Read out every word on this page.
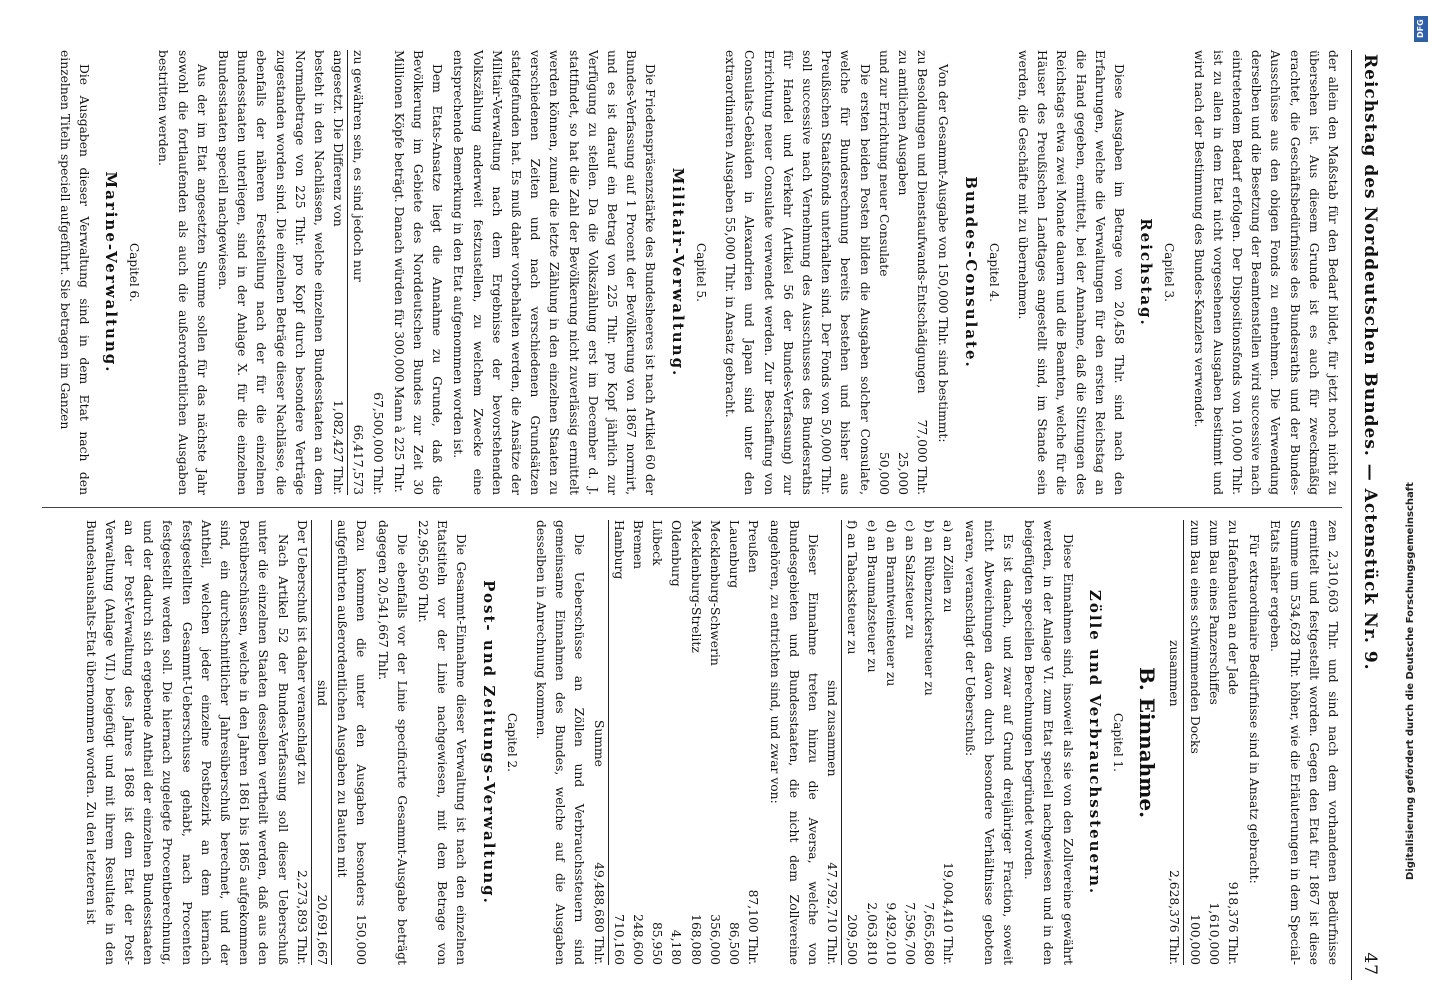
Reichstag des Norddeutschen Bundes. — Actenstück Nr. 9.
47

der allein den Maßstab für den Bedarf bildet, für jetzt noch nicht zu übersehen ist. Aus diesem Grunde ist es auch für zweckmäßig erachtet, die Geschäftsbedürfnisse des Bundesraths und der Bundes-Ausschüsse aus den obigen Fonds zu entnehmen. Die Verwendung derselben und die Besetzung der Beamtenstellen wird successive nach eintretendem Bedarf erfolgen. Der Dispositionsfonds von 10,000 Thlr. ist zu allen in dem Etat nicht vorgesehenen Ausgaben bestimmt und wird nach der Bestimmung des Bundes-Kanzlers verwendet.

Capitel 3.
Reichstag.

Diese Ausgaben im Betrage von 20,458 Thlr. sind nach den Erfahrungen, welche die Verwaltungen für den ersten Reichstag an die Hand gegeben, ermittelt, bei der Annahme, daß die Sitzungen des Reichstags etwa zwei Monate dauern und die Beamten, welche für die Häuser des Preußischen Landtages angestellt sind, im Stande sein werden, die Geschäfte mit zu übernehmen.

Capitel 4.
Bundes-Consulate.

Von der Gesammt-Ausgabe von 150,000 Thlr. sind bestimmt:

zu Besoldungen und Dienstaufwands-Entschädigungen
77,000 Thlr.
zu amtlichen Ausgaben
25,000
und zur Errichtung neuer Consulate
50,000

Die ersten beiden Posten bilden die Ausgaben solcher Consulate, welche für Bundesrechnung bereits bestehen und bisher aus Preußischen Staatsfonds unterhalten sind. Der Fonds von 50,000 Thlr. soll successive nach Vernehmung des Ausschusses des Bundesraths für Handel und Verkehr (Artikel 56 der Bundes-Verfassung) zur Errichtung neuer Consulate verwendet werden. Zur Beschaffung von Consulats-Gebäuden in Alexandrien und Japan sind unter den extraordinairen Ausgaben 55,000 Thlr. in Ansatz gebracht.

Capitel 5.
Militair-Verwaltung.

Die Friedenspräsenzstärke des Bundesheeres ist nach Artikel 60 der Bundes-Verfassung auf 1 Procent der Bevölkerung von 1867 normirt, und es ist darauf ein Betrag von 225 Thlr. pro Kopf jährlich zur Verfügung zu stellen. Da die Volkszählung erst im December d. J. stattfindet, so hat die Zahl der Bevölkerung nicht zuverlässig ermittelt werden können, zumal die letzte Zählung in den einzelnen Staaten zu verschiedenen Zeiten und nach verschiedenen Grundsätzen stattgefunden hat. Es muß daher vorbehalten werden, die Ansätze der Militair-Verwaltung nach dem Ergebnisse der bevorstehenden Volkszählung anderweit festzustellen, zu welchem Zwecke eine entsprechende Bemerkung in den Etat aufgenommen worden ist.

Dem Etats-Ansatze liegt die Annahme zu Grunde, daß die Bevölkerung im Gebiete des Norddeutschen Bundes zur Zeit 30 Millionen Köpfe beträgt. Danach würden für 300,000 Mann à 225 Thlr.

67,500,000 Thlr.
zu gewähren sein, es sind jedoch nur
66,417,573
angesetzt. Die Differenz von
1,082,427 Thlr.

besteht in den Nachlässen, welche einzelnen Bundesstaaten an dem Normalbetrage von 225 Thlr. pro Kopf durch besondere Verträge zugestanden worden sind. Die einzelnen Beträge dieser Nachlässe, die ebenfalls der näheren Feststellung nach der für die einzelnen Bundesstaaten unterliegen, sind in der Anlage X. für die einzelnen Bundesstaaten speciell nachgewiesen.

Aus der im Etat angesetzten Summe sollen für das nächste Jahr sowohl die fortlaufenden als auch die außerordentlichen Ausgaben bestritten werden.

Capitel 6.
Marine-Verwaltung.

Die Ausgaben dieser Verwaltung sind in dem Etat nach den einzelnen Titeln speciell aufgeführt. Sie betragen im Ganzen

zen 2,310,603 Thlr. und sind nach dem vorhandenen Bedürfnisse ermittelt und festgestellt worden. Gegen den Etat für 1867 ist diese Summe um 534,628 Thlr. höher, wie die Erläuterungen in dem Special-Etats näher ergeben.

Für extraordinaire Bedürfnisse sind in Ansatz gebracht:

zu Hafenbauten an der Jade
918,376 Thlr.
zum Bau eines Panzerschiffes
1,610,000
zum Bau eines schwimmenden Docks
100,000
zusammen
2,628,376 Thlr.
B. Einnahme.
Capitel 1.
Zölle und Verbrauchssteuern.

Diese Einnahmen sind, insoweit als sie von den Zollvereine gewährt werden, in der Anlage VI. zum Etat speciell nachgewiesen und in den beigefügten speciellen Berechnungen begründet worden.

Es ist danach, und zwar auf Grund dreijähriger Fraction, soweit nicht Abweichungen davon durch besondere Verhältnisse geboten waren, veranschlagt der Ueberschuß:

a) an Zöllen zu
19,004,410 Thlr.
b) an Rübenzuckersteuer zu
7,665,680
c) an Salzsteuer zu
7,596,700
d) an Branntweinsteuer zu
9,492,010
e) an Braumalzsteuer zu
2,063,810
f) an Tabacksteuer zu
209,500
sind zusammen
47,792,710 Thlr.

Dieser Einnahme treten hinzu die Aversa, welche von Bundesgebieten und Bundesstaaten, die nicht dem Zollvereine angehören, zu entrichten sind, und zwar von:

Preußen
87,100 Thlr.
Lauenburg
86,500
Mecklenburg-Schwerin
356,000
Mecklenburg-Strelitz
168,080
Oldenburg
4,180
Lübeck
85,950
Bremen
248,600
Hamburg
710,160
Summe
49,488,680 Thlr.

Die Ueberschüsse an Zöllen und Verbrauchssteuern sind gemeinsame Einnahmen des Bundes, welche auf die Ausgaben desselben in Anrechnung kommen.

Capitel 2.
Post- und Zeitungs-Verwaltung.

Die Gesammt-Einnahme dieser Verwaltung ist nach den einzelnen Etatstiteln vor der Linie nachgewiesen, mit dem Betrage von 22,965,560 Thlr.

Die ebenfalls vor der Linie specificirte Gesammt-Ausgabe beträgt dagegen 20,541,667 Thlr.

Dazu kommen die unter den Ausgaben besonders aufgeführten außerordentlichen Ausgaben zu Bauten mit
150,000
sind
20,691,667
Der Ueberschuß ist daher veranschlagt zu
2,273,893 Thlr.

Nach Artikel 52 der Bundes-Verfassung soll dieser Ueberschuß unter die einzelnen Staaten desselben vertheilt werden, daß aus den Postüberschüssen, welche in den Jahren 1861 bis 1865 aufgekommen sind, ein durchschnittlicher Jahresüberschuß berechnet, und der Antheil, welchen jeder einzelne Postbezirk an dem hiernach festgestellten Gesammt-Ueberschusse gehabt, nach Procenten festgestellt werden soll. Die hiernach zugelegte Procentberechnung, und der dadurch sich ergebende Antheil der einzelnen Bundesstaaten an der Post-Verwaltung des Jahres 1868 ist dem Etat der Post-Verwaltung (Anlage VII.) beigefügt und mit ihrem Resultate in den Bundeshaushalts-Etat übernommen worden. Zu den letzteren ist	Digitalisierung gefördert durch die Deutsche Forschungsgemeinschaft
DFG
